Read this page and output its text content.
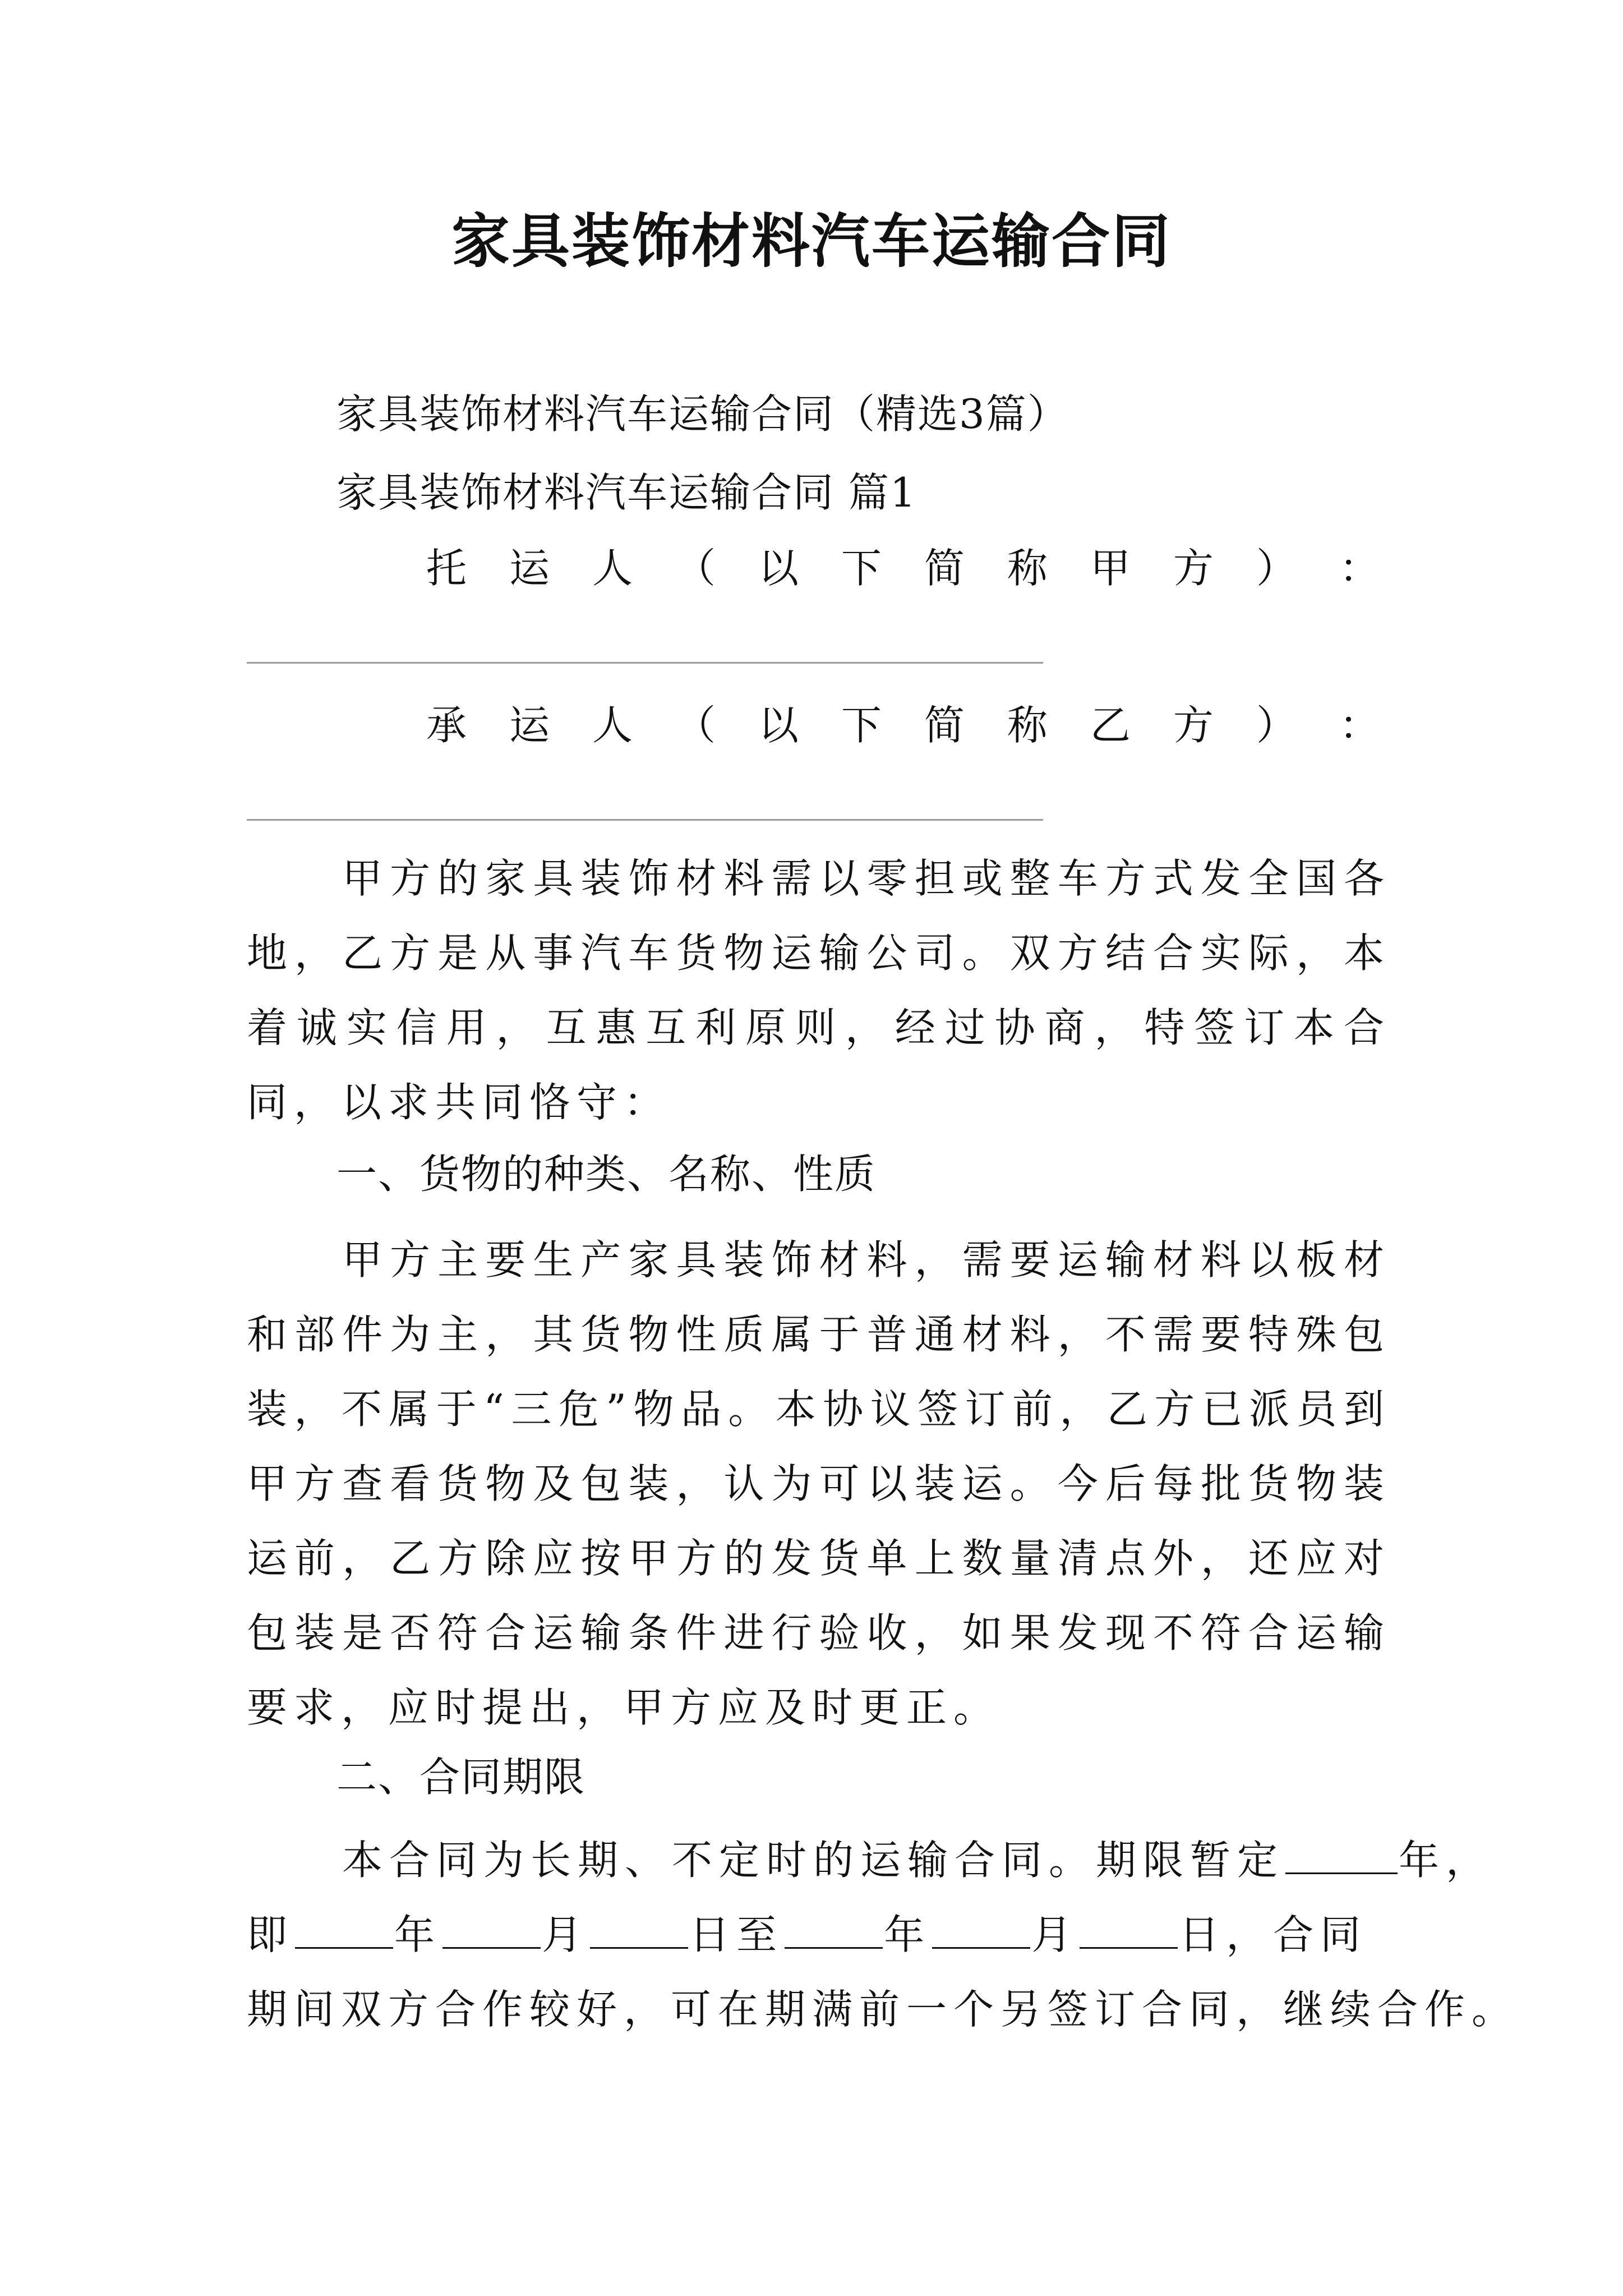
家具装饰材料汽车运输合同
家具装饰材料汽车运输合同（精选3篇）
家具装饰材料汽车运输合同 篇1
托 运 人 （ 以 下 简 称 甲 方 ） ：
承 运 人 （ 以 下 简 称 乙 方 ） ：

甲方的家具装饰材料需以零担或整车方式发全国各地，乙方是从事汽车货物运输公司。双方结合实际，本着诚实信用，互惠互利原则，经过协商，特签订本合同，以求共同恪守：

一、货物的种类、名称、性质

甲方主要生产家具装饰材料，需要运输材料以板材和部件为主，其货物性质属于普通材料，不需要特殊包装，不属于“三危”物品。本协议签订前，乙方已派员到甲方查看货物及包装，认为可以装运。今后每批货物装运前，乙方除应按甲方的发货单上数量清点外，还应对包装是否符合运输条件进行验收，如果发现不符合运输要求，应时提出，甲方应及时更正。

二、合同期限
本合同为长期、不定时的运输合同。期限暂定	年，
即 年 月 日至 年 月 日，合同
期间双方合作较好，可在期满前一个另签订合同，继续合作。
